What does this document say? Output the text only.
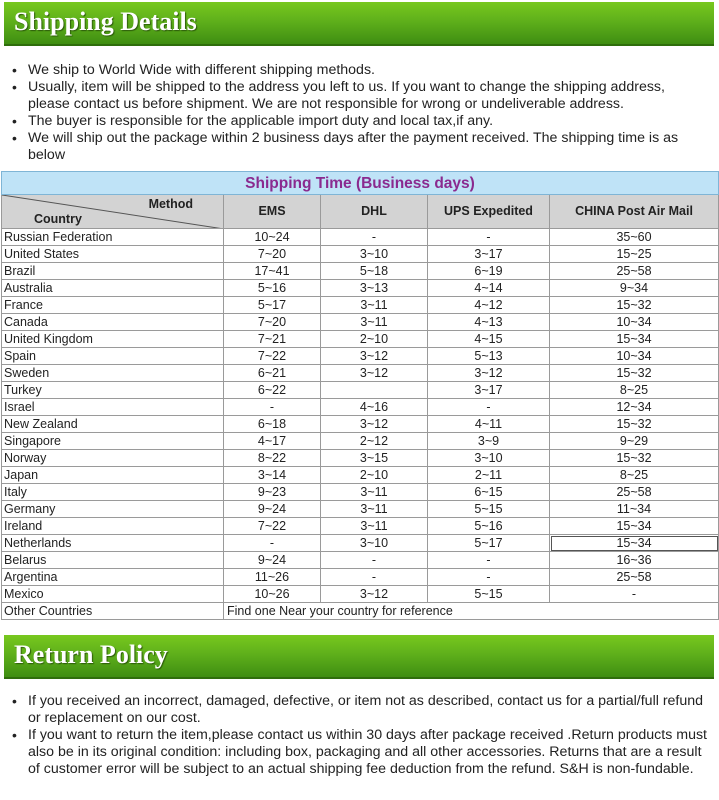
Shipping Details
• We ship to World Wide with different shipping methods.
• Usually, item will be shipped to the address you left to us. If you want to change the shipping address, please contact us before shipment. We are not responsible for wrong or undeliverable address.
• The buyer is responsible for the applicable import duty and local tax,if any.
• We will ship out the package within 2 business days after the payment received. The shipping time is as below
Shipping Time (Business days)				

Method
Country	EMS	DHL	UPS Expedited	CHINA Post Air Mail
Russian Federation	10~24	-	-	35~60
United States	7~20	3~10	3~17	15~25
Brazil	17~41	5~18	6~19	25~58
Australia	5~16	3~13	4~14	9~34
France	5~17	3~11	4~12	15~32
Canada	7~20	3~11	4~13	10~34
United Kingdom	7~21	2~10	4~15	15~34
Spain	7~22	3~12	5~13	10~34
Sweden	6~21	3~12	3~12	15~32
Turkey	6~22		3~17	8~25
Israel	-	4~16	-	12~34
New Zealand	6~18	3~12	4~11	15~32
Singapore	4~17	2~12	3~9	9~29
Norway	8~22	3~15	3~10	15~32
Japan	3~14	2~10	2~11	8~25
Italy	9~23	3~11	6~15	25~58
Germany	9~24	3~11	5~15	11~34
Ireland	7~22	3~11	5~16	15~34
Netherlands	-	3~10	5~17	15~34
Belarus	9~24	-	-	16~36
Argentina	11~26	-	-	25~58
Mexico	10~26	3~12	5~15	-
Other Countries	Find one Near your country for reference			
Return Policy
• If you received an incorrect, damaged, defective, or item not as described, contact us for a partial/full refund or replacement on our cost.
• If you want to return the item,please contact us within 30 days after package received .Return products must also be in its original condition: including box, packaging and all other accessories. Returns that are a result of customer error will be subject to an actual shipping fee deduction from the refund. S&H is non-fundable.
